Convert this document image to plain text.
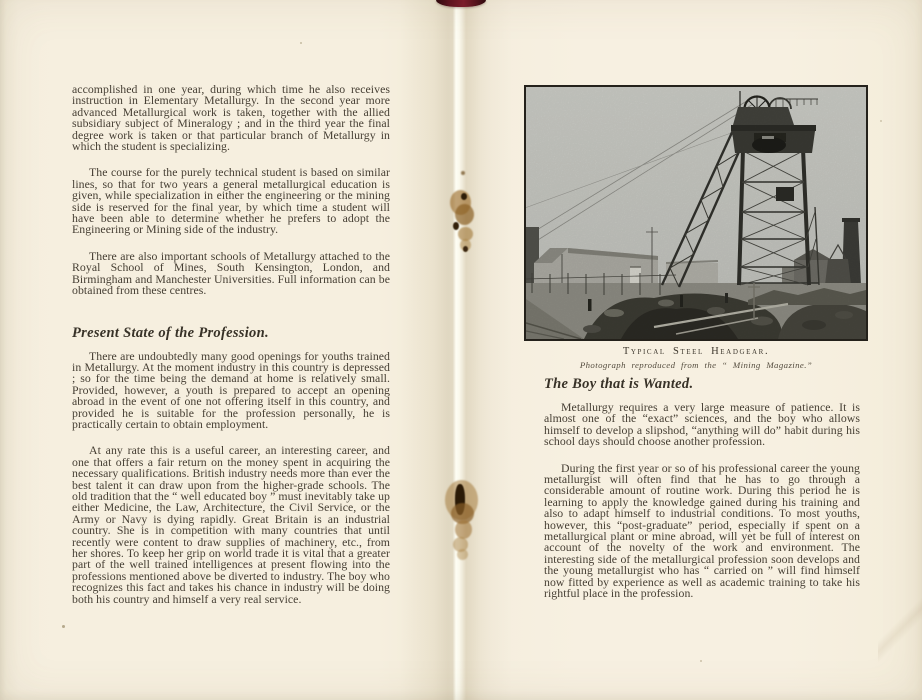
accomplished in one year, during which time he also receives instruction in Elementary Metallurgy. In the second year more advanced Metallurgical work is taken, together with the allied subsidiary subject of Mineralogy ; and in the third year the final degree work is taken or that particular branch of Metallurgy in which the student is specializing.

The course for the purely technical student is based on similar lines, so that for two years a general metallurgical education is given, while specialization in either the engineering or the mining side is reserved for the final year, by which time a student will have been able to determine whether he prefers to adopt the Engineering or Mining side of the industry.

There are also important schools of Metallurgy attached to the Royal School of Mines, South Kensington, London, and Birmingham and Manchester Universities. Full information can be obtained from these centres.

Present State of the Profession.

There are undoubtedly many good openings for youths trained in Metallurgy. At the moment industry in this country is depressed ; so for the time being the demand at home is relatively small. Provided, however, a youth is prepared to accept an opening abroad in the event of one not offering itself in this country, and provided he is suitable for the profession personally, he is practically certain to obtain employment.

At any rate this is a useful career, an interesting career, and one that offers a fair return on the money spent in acquiring the necessary qualifications. British industry needs more than ever the best talent it can draw upon from the higher-grade schools. The old tradition that the “ well educated boy ” must inevitably take up either Medicine, the Law, Architecture, the Civil Service, or the Army or Navy is dying rapidly. Great Britain is an industrial country. She is in competition with many countries that until recently were content to draw supplies of machinery, etc., from her shores. To keep her grip on world trade it is vital that a greater part of the well trained intelligences at present flowing into the professions mentioned above be diverted to industry. The boy who recognizes this fact and takes his chance in industry will be doing both his country and himself a very real service.

Typical Steel Headgear.
Photograph reproduced from the “ Mining Magazine.”
The Boy that is Wanted.

Metallurgy requires a very large measure of patience. It is almost one of the “exact” sciences, and the boy who allows himself to develop a slipshod, “anything will do” habit during his school days should choose another profession.

During the first year or so of his professional career the young metallurgist will often find that he has to go through a considerable amount of routine work. During this period he is learning to apply the knowledge gained during his training and also to adapt himself to industrial conditions. To most youths, however, this “post-graduate” period, especially if spent on a metallurgical plant or mine abroad, will yet be full of interest on account of the novelty of the work and environment. The interesting side of the metallurgical profession soon develops and the young metallurgist who has “ carried on ” will find himself now fitted by experience as well as academic training to take his rightful place in the profession.
